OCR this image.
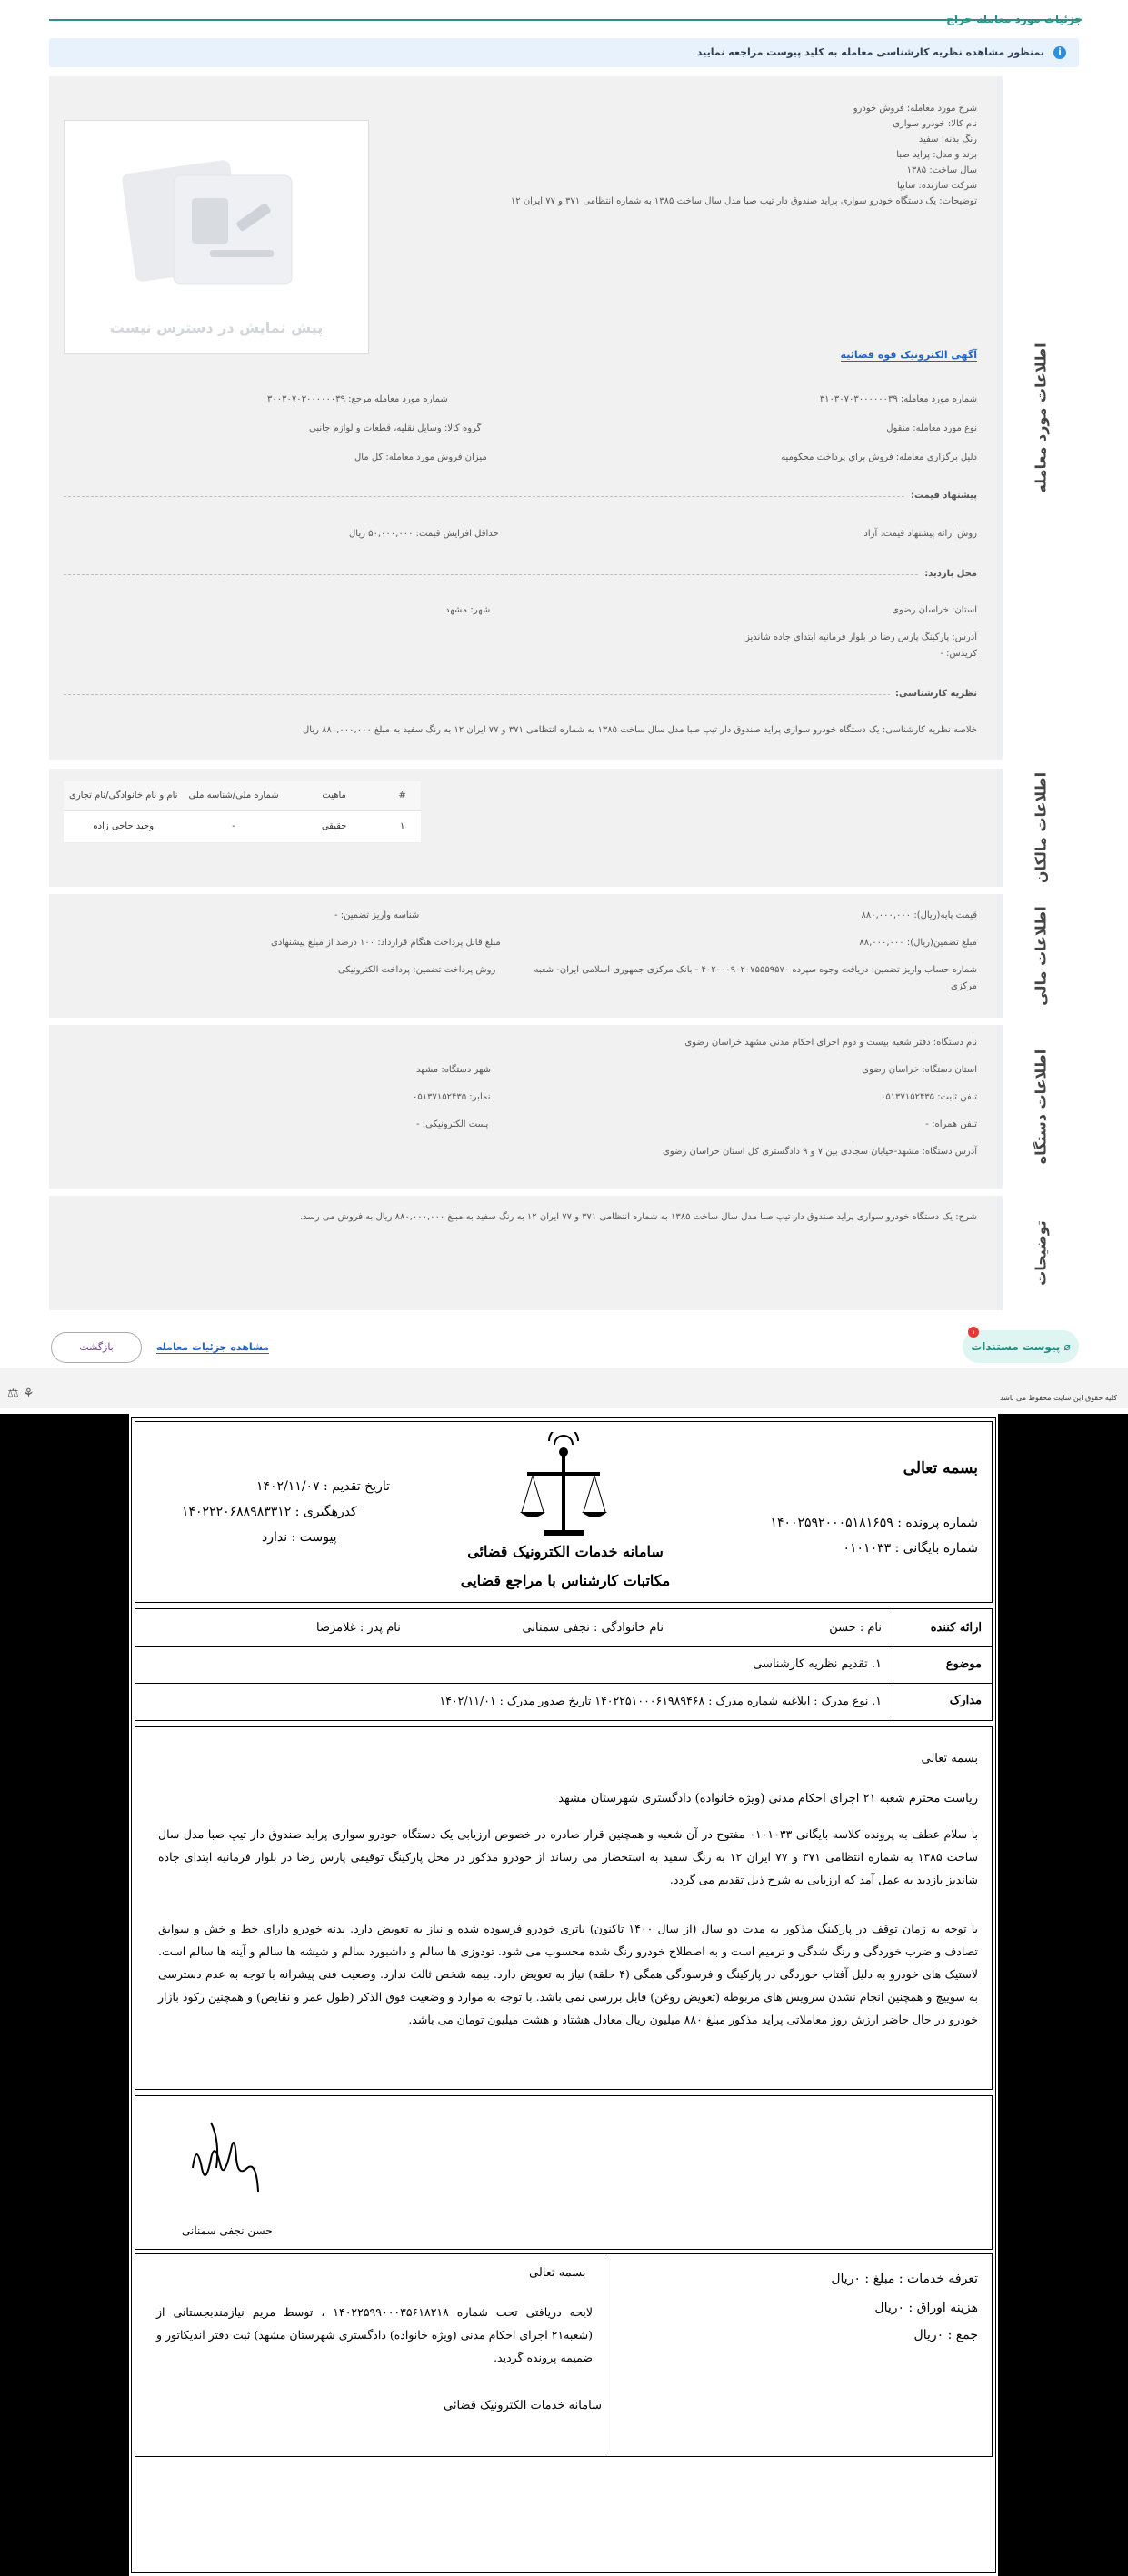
جزئیات مورد معامله حراج
i
بمنظور مشاهده نظریه کارشناسی معامله به کلید پیوست مراجعه نمایید
اطلاعات مورد معامله
شرح مورد معامله: فروش خودرو
نام کالا: خودرو سواری
رنگ بدنه: سفید
برند و مدل: پراید صبا
سال ساخت: ۱۳۸۵
شرکت سازنده: سایپا
توضیحات: یک دستگاه خودرو سواری پراید صندوق دار تیپ صبا مدل سال ساخت ۱۳۸۵ به شماره انتظامی ۳۷۱ و ۷۷ ایران ۱۲
پیش نمایش در دسترس نیست
آگهی الکترونیک قوه قضائیه
شماره مورد معامله: ۳۱۰۳۰۷۰۳۰۰۰۰۰۰۳۹
شماره مورد معامله مرجع: ۳۰۰۳۰۷۰۳۰۰۰۰۰۰۳۹
نوع مورد معامله: منقول
گروه کالا: وسایل نقلیه، قطعات و لوازم جانبی
دلیل برگزاری معامله: فروش برای پرداخت محکومیه
میزان فروش مورد معامله: کل مال
پیشنهاد قیمت:
روش ارائه پیشنهاد قیمت: آزاد
حداقل افزایش قیمت: ۵۰,۰۰۰,۰۰۰ ریال
محل بازدید:
استان: خراسان رضوی
شهر: مشهد
آدرس: پارکینگ پارس رضا در بلوار فرمانیه ابتدای جاده شاندیز
کریدس: -
نظریه کارشناسی:
خلاصه نظریه کارشناسی: یک دستگاه خودرو سواری پراید صندوق دار تیپ صبا مدل سال ساخت ۱۳۸۵ به شماره انتظامی ۳۷۱ و ۷۷ ایران ۱۲ به رنگ سفید به مبلغ ۸۸۰,۰۰۰,۰۰۰ ریال
اطلاعات مالکان
#	ماهیت	شماره ملی/شناسه ملی	نام و نام خانوادگی/نام تجاری
۱	حقیقی	-	وحید حاجی زاده
اطلاعات مالی
قیمت پایه(ریال): ۸۸۰,۰۰۰,۰۰۰
شناسه واریز تضمین: -
مبلغ تضمین(ریال): ۸۸,۰۰۰,۰۰۰
مبلغ قابل پرداخت هنگام قرارداد: ۱۰۰ درصد از مبلغ پیشنهادی
شماره حساب واریز تضمین: دریافت وجوه سپرده ۴۰۲۰۰۰۹۰۲۰۷۵۵۵۹۵۷۰ - بانک مرکزی جمهوری اسلامی ایران- شعبه
مرکزی
روش پرداخت تضمین: پرداخت الکترونیکی
اطلاعات دستگاه
نام دستگاه: دفتر شعبه بیست و دوم اجرای احکام مدنی مشهد خراسان رضوی
استان دستگاه: خراسان رضوی
شهر دستگاه: مشهد
تلفن ثابت: ۰۵۱۳۷۱۵۲۴۳۵
نمابر: ۰۵۱۳۷۱۵۲۴۳۵
تلفن همراه: -
پست الکترونیکی: -
آدرس دستگاه: مشهد-خیابان سجادی بین ۷ و ۹ دادگستری کل استان خراسان رضوی
توضیحات
شرح: یک دستگاه خودرو سواری پراید صندوق دار تیپ صبا مدل سال ساخت ۱۳۸۵ به شماره انتظامی ۳۷۱ و ۷۷ ایران ۱۲ به رنگ سفید به مبلغ ۸۸۰,۰۰۰,۰۰۰ ریال به فروش می رسد.
پیوست مستندات ⌀
۱
مشاهده جزئیات معامله
بازگشت
کلیه حقوق این سایت محفوظ می باشد
⚖ ⚘
بسمه تعالی
شماره پرونده : ۱۴۰۰۲۵۹۲۰۰۰۵۱۸۱۶۵۹
شماره بایگانی : ۰۱۰۱۰۳۳
سامانه خدمات الکترونیک قضائی
مکاتبات کارشناس با مراجع قضایی
تاریخ تقدیم : ۱۴۰۲/۱۱/۰۷
کدرهگیری : ۱۴۰۲۲۲۰۶۸۸۹۸۳۳۱۲
پیوست : ندارد
ارائه کننده
نام : حسن
نام خانوادگی : نجفی سمنانی
نام پدر : غلامرضا
موضوع
۱. تقدیم نظریه کارشناسی
مدارک
۱. نوع مدرک : ابلاغیه شماره مدرک : ۱۴۰۲۲۵۱۰۰۰۶۱۹۸۹۴۶۸ تاریخ صدور مدرک : ۱۴۰۲/۱۱/۰۱
بسمه تعالی
ریاست محترم شعبه ۲۱ اجرای احکام مدنی (ویژه خانواده) دادگستری شهرستان مشهد
با سلام عطف به پرونده کلاسه بایگانی ۰۱۰۱۰۳۳ مفتوح در آن شعبه و همچنین قرار صادره در خصوص ارزیابی یک دستگاه خودرو سواری پراید صندوق دار تیپ صبا مدل سال ساخت ۱۳۸۵ به شماره انتظامی ۳۷۱ و ۷۷ ایران ۱۲ به رنگ سفید به استحضار می رساند از خودرو مذکور در محل پارکینگ توقیفی پارس رضا در بلوار فرمانیه ابتدای جاده شاندیز بازدید به عمل آمد که ارزیابی به شرح ذیل تقدیم می گردد.
با توجه به زمان توقف در پارکینگ مذکور به مدت دو سال (از سال ۱۴۰۰ تاکنون) باتری خودرو فرسوده شده و نیاز به تعویض دارد. بدنه خودرو دارای خط و خش و سوابق تصادف و ضرب خوردگی و رنگ شدگی و ترمیم است و به اصطلاح خودرو رنگ شده محسوب می شود. تودوزی ها سالم و داشبورد سالم و شیشه ها سالم و آینه ها سالم است. لاستیک های خودرو به دلیل آفتاب خوردگی در پارکینگ و فرسودگی همگی (۴ حلقه) نیاز به تعویض دارد. بیمه شخص ثالث ندارد. وضعیت فنی پیشرانه با توجه به عدم دسترسی به سوییچ و همچنین انجام نشدن سرویس های مربوطه (تعویض روغن) قابل بررسی نمی باشد. با توجه به موارد و وضعیت فوق الذکر (طول عمر و نقایص) و همچنین رکود بازار خودرو در حال حاضر ارزش روز معاملاتی پراید مذکور مبلغ ۸۸۰ میلیون ریال معادل هشتاد و هشت میلیون تومان می باشد.
حسن نجفی سمنانی
تعرفه خدمات : مبلغ : ۰ریال
هزینه اوراق : ۰ریال
جمع : ۰ریال
بسمه تعالی
لایحه دریافتی تحت شماره ۱۴۰۲۲۵۹۹۰۰۰۳۵۶۱۸۲۱۸ ، توسط مریم نیازمندبجستانی از (شعبه۲۱ اجرای احکام مدنی (ویژه خانواده) دادگستری شهرستان مشهد) ثبت دفتر اندیکاتور و ضمیمه پرونده گردید.
سامانه خدمات الکترونیک قضائی
